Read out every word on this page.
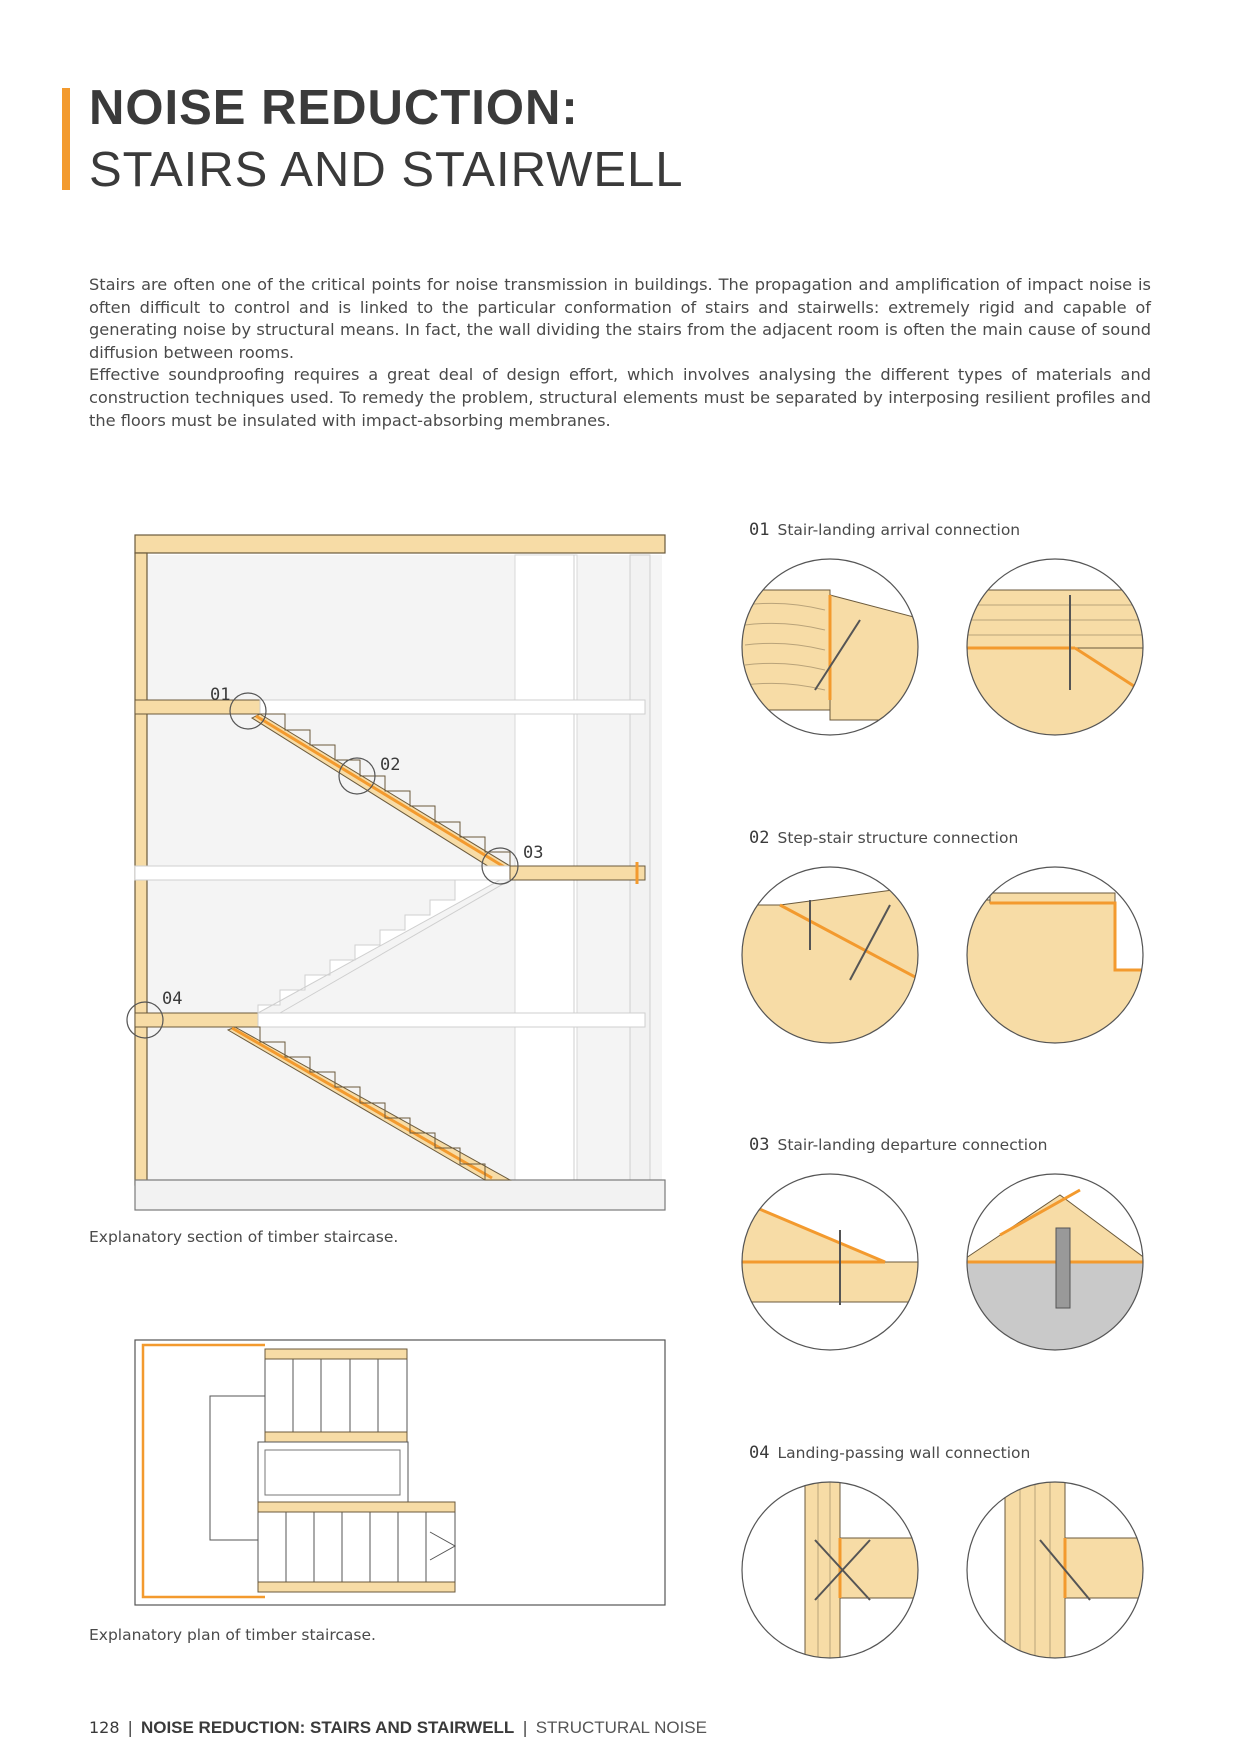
NOISE REDUCTION:
STAIRS AND STAIRWELL

Stairs are often one of the critical points for noise transmission in buildings. The propagation and amplification of impact noise is often difficult to control and is linked to the particular conformation of stairs and stairwells: extremely rigid and capable of generating noise by structural means. In fact, the wall dividing the stairs from the adjacent room is often the main cause of sound diffusion between rooms.

Effective soundproofing requires a great deal of design effort, which involves analysing the different types of materials and construction techniques used. To remedy the problem, structural elements must be separated by interposing resilient profiles and the floors must be insulated with impact-absorbing membranes.

01
02
03
04
Explanatory section of timber staircase.
Explanatory plan of timber staircase.
01 Stair-landing arrival connection
02 Step-stair structure connection
03 Stair-landing departure connection
04 Landing-passing wall connection
128 | NOISE REDUCTION: STAIRS AND STAIRWELL | STRUCTURAL NOISE
